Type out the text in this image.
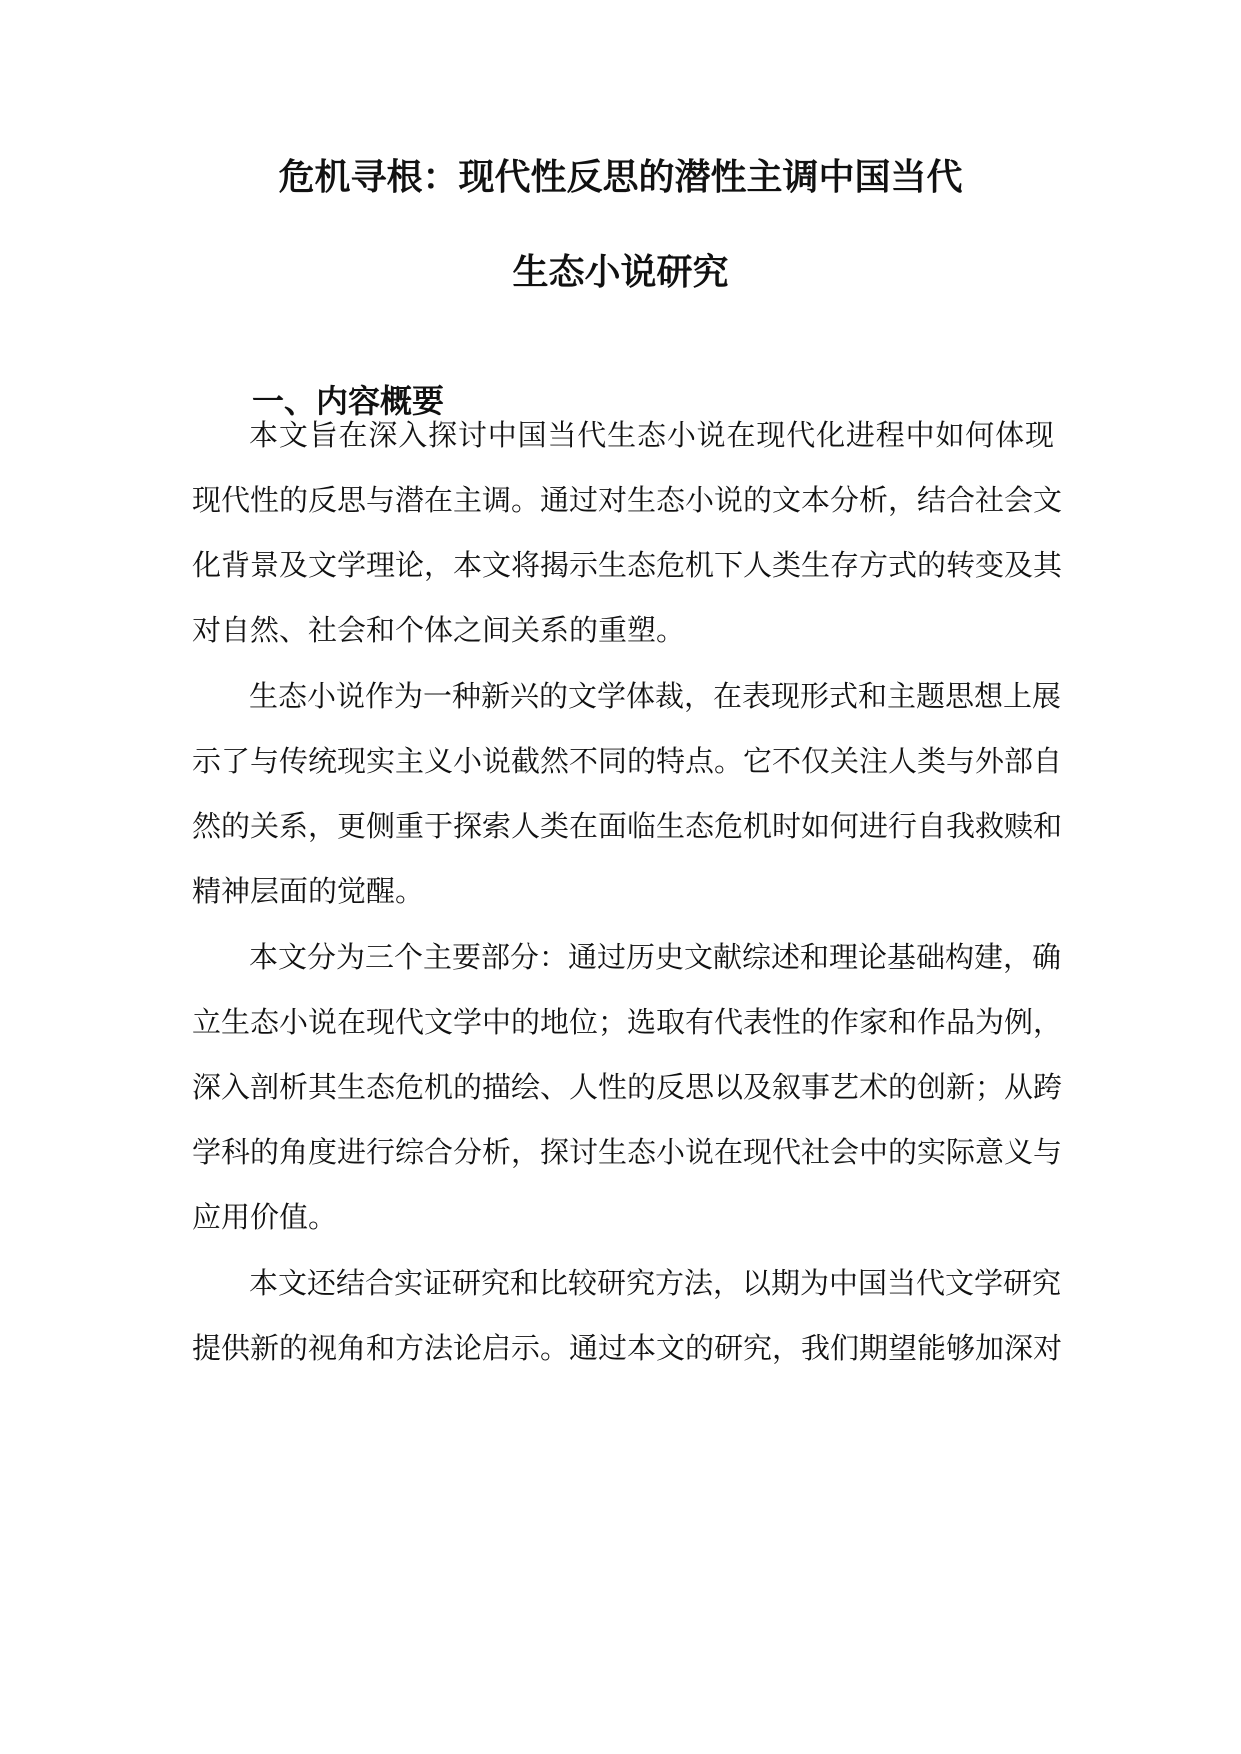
危机寻根：现代性反思的潜性主调中国当代
生态小说研究
一、内容概要
本文旨在深入探讨中国当代生态小说在现代化进程中如何体现
现代性的反思与潜在主调。通过对生态小说的文本分析，结合社会文
化背景及文学理论，本文将揭示生态危机下人类生存方式的转变及其
对自然、社会和个体之间关系的重塑。
生态小说作为一种新兴的文学体裁，在表现形式和主题思想上展
示了与传统现实主义小说截然不同的特点。它不仅关注人类与外部自
然的关系，更侧重于探索人类在面临生态危机时如何进行自我救赎和
精神层面的觉醒。
本文分为三个主要部分：通过历史文献综述和理论基础构建，确
立生态小说在现代文学中的地位；选取有代表性的作家和作品为例，
深入剖析其生态危机的描绘、人性的反思以及叙事艺术的创新；从跨
学科的角度进行综合分析，探讨生态小说在现代社会中的实际意义与
应用价值。
本文还结合实证研究和比较研究方法，以期为中国当代文学研究
提供新的视角和方法论启示。通过本文的研究，我们期望能够加深对
